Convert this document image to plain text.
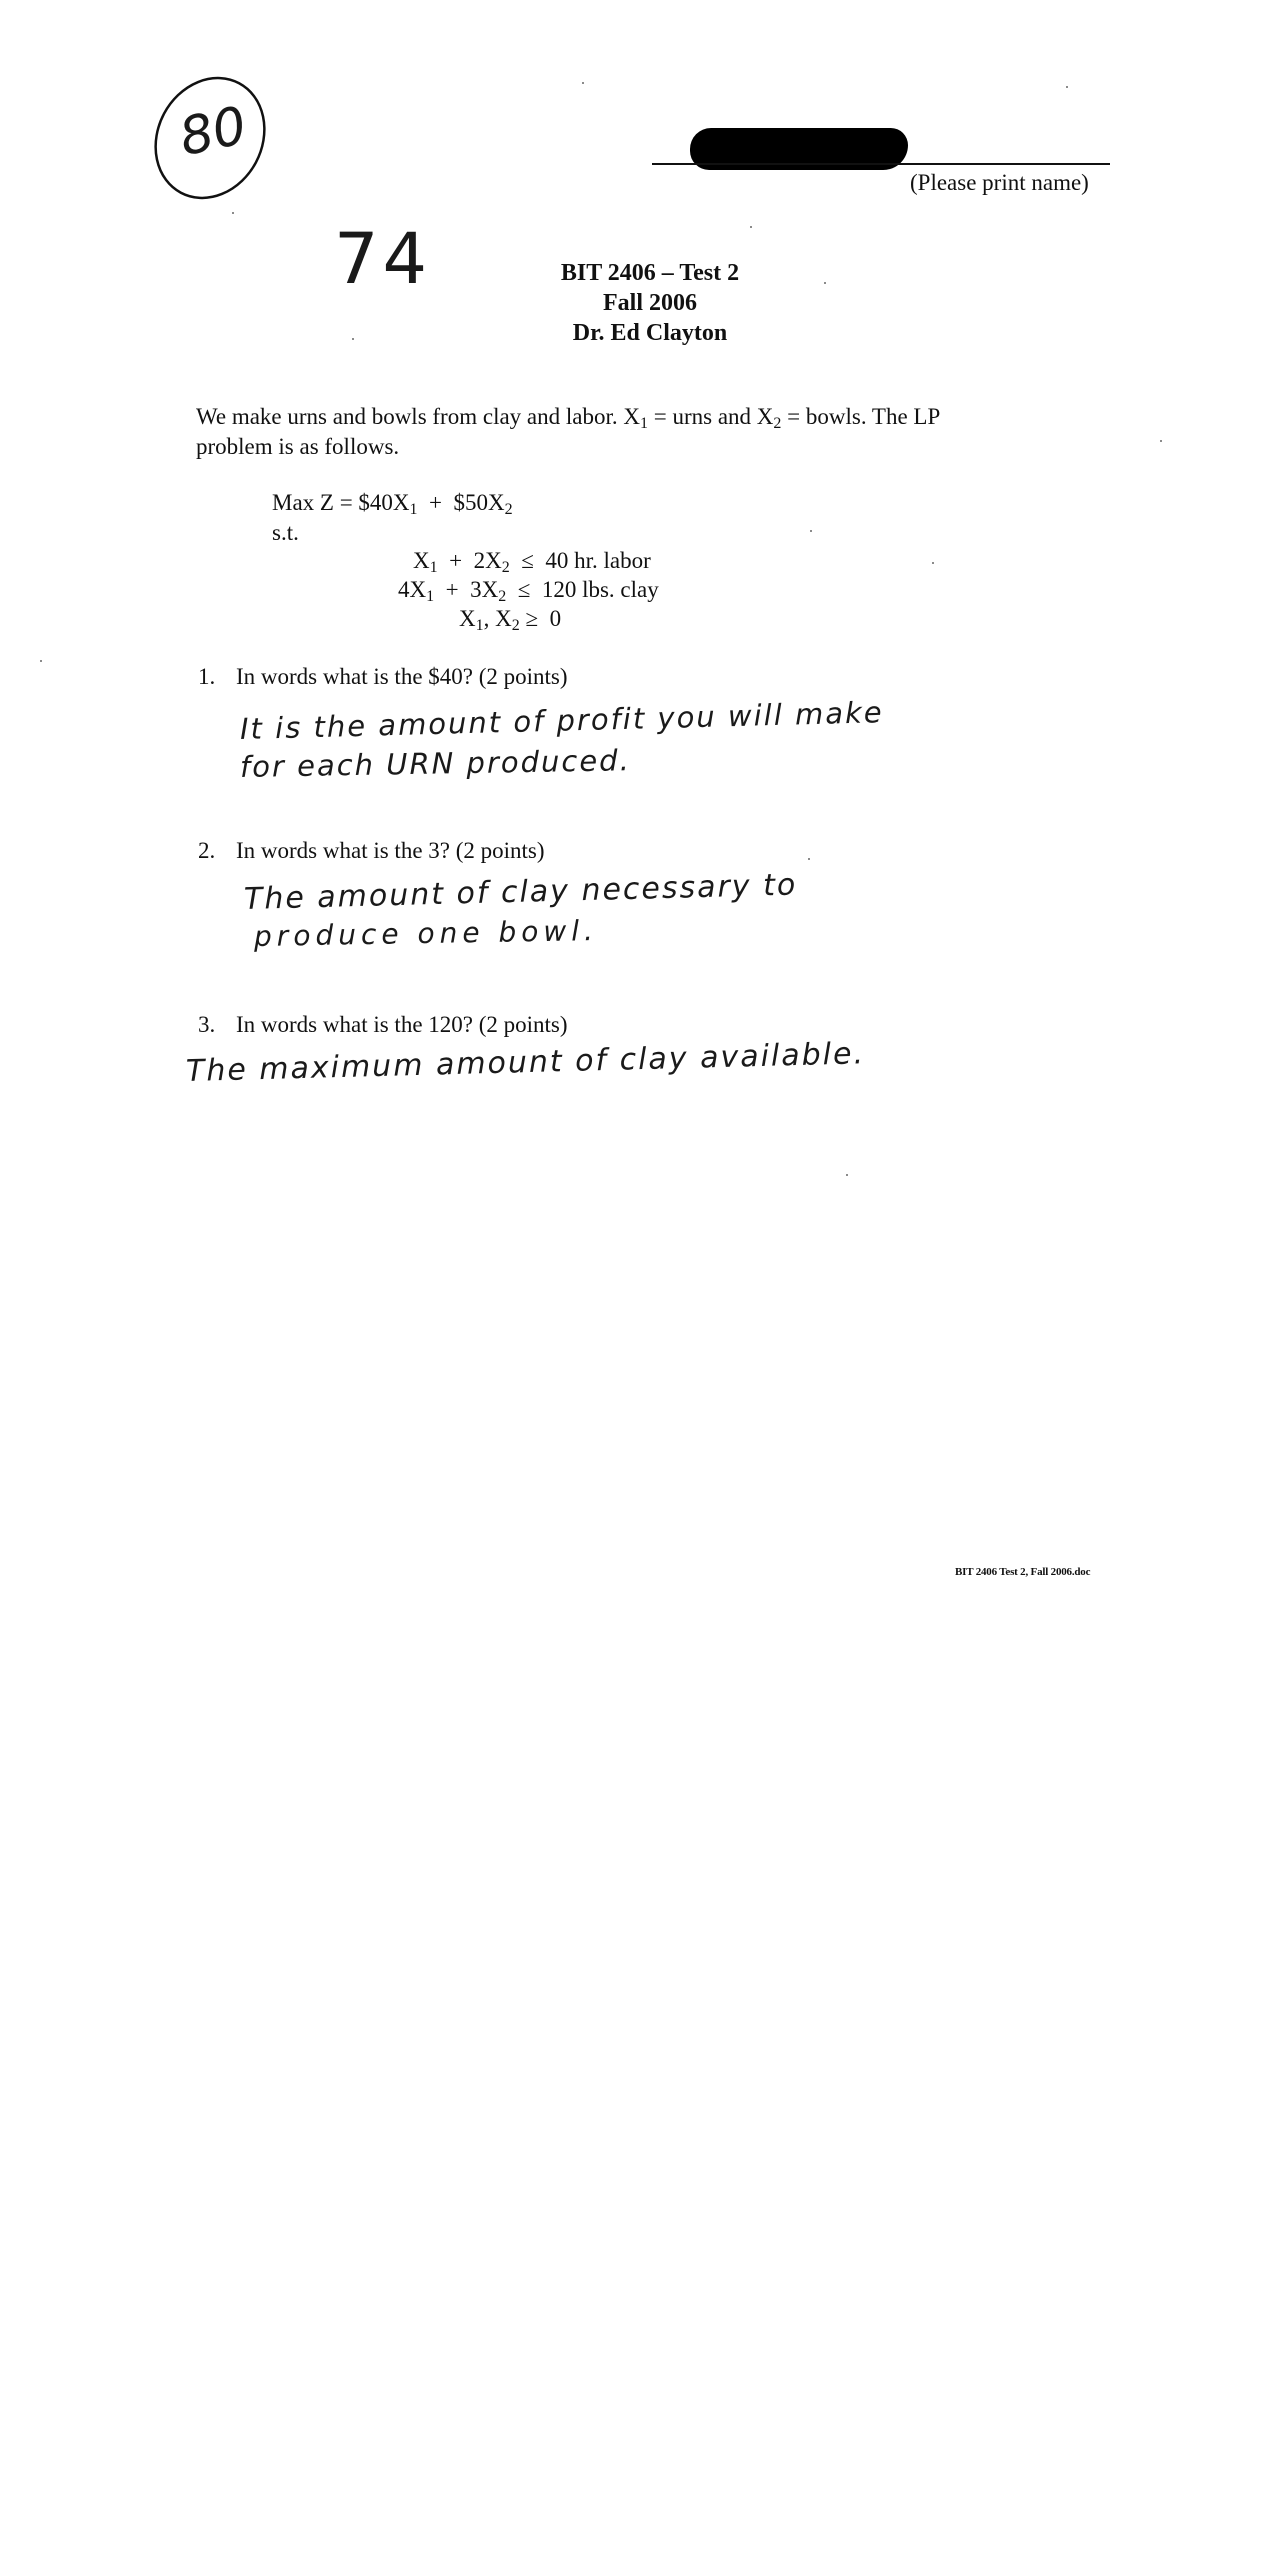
80
74
(Please print name)
BIT 2406 – Test 2
Fall 2006
Dr. Ed Clayton
We make urns and bowls from clay and labor. $X_1$ = urns and $X_2$ = bowls. The LP
problem is as follows.
Max $Z = \$40X_1$  +  $\$50X_2$
s.t.
$X_1 + 2X_2 \le 40$ hr. labor
$4X_1 + 3X_2 \le 120$ lbs. clay
$X_1$, $X_2 \ge 0$
1. In words what is the $40? (2 points)
It is the amount of profit you will make
for each URN produced.
2. In words what is the 3? (2 points)
The amount of clay necessary to
produce one bowl.
3. In words what is the 120? (2 points)
The maximum amount of clay available.
BIT 2406 Test 2, Fall 2006.doc
